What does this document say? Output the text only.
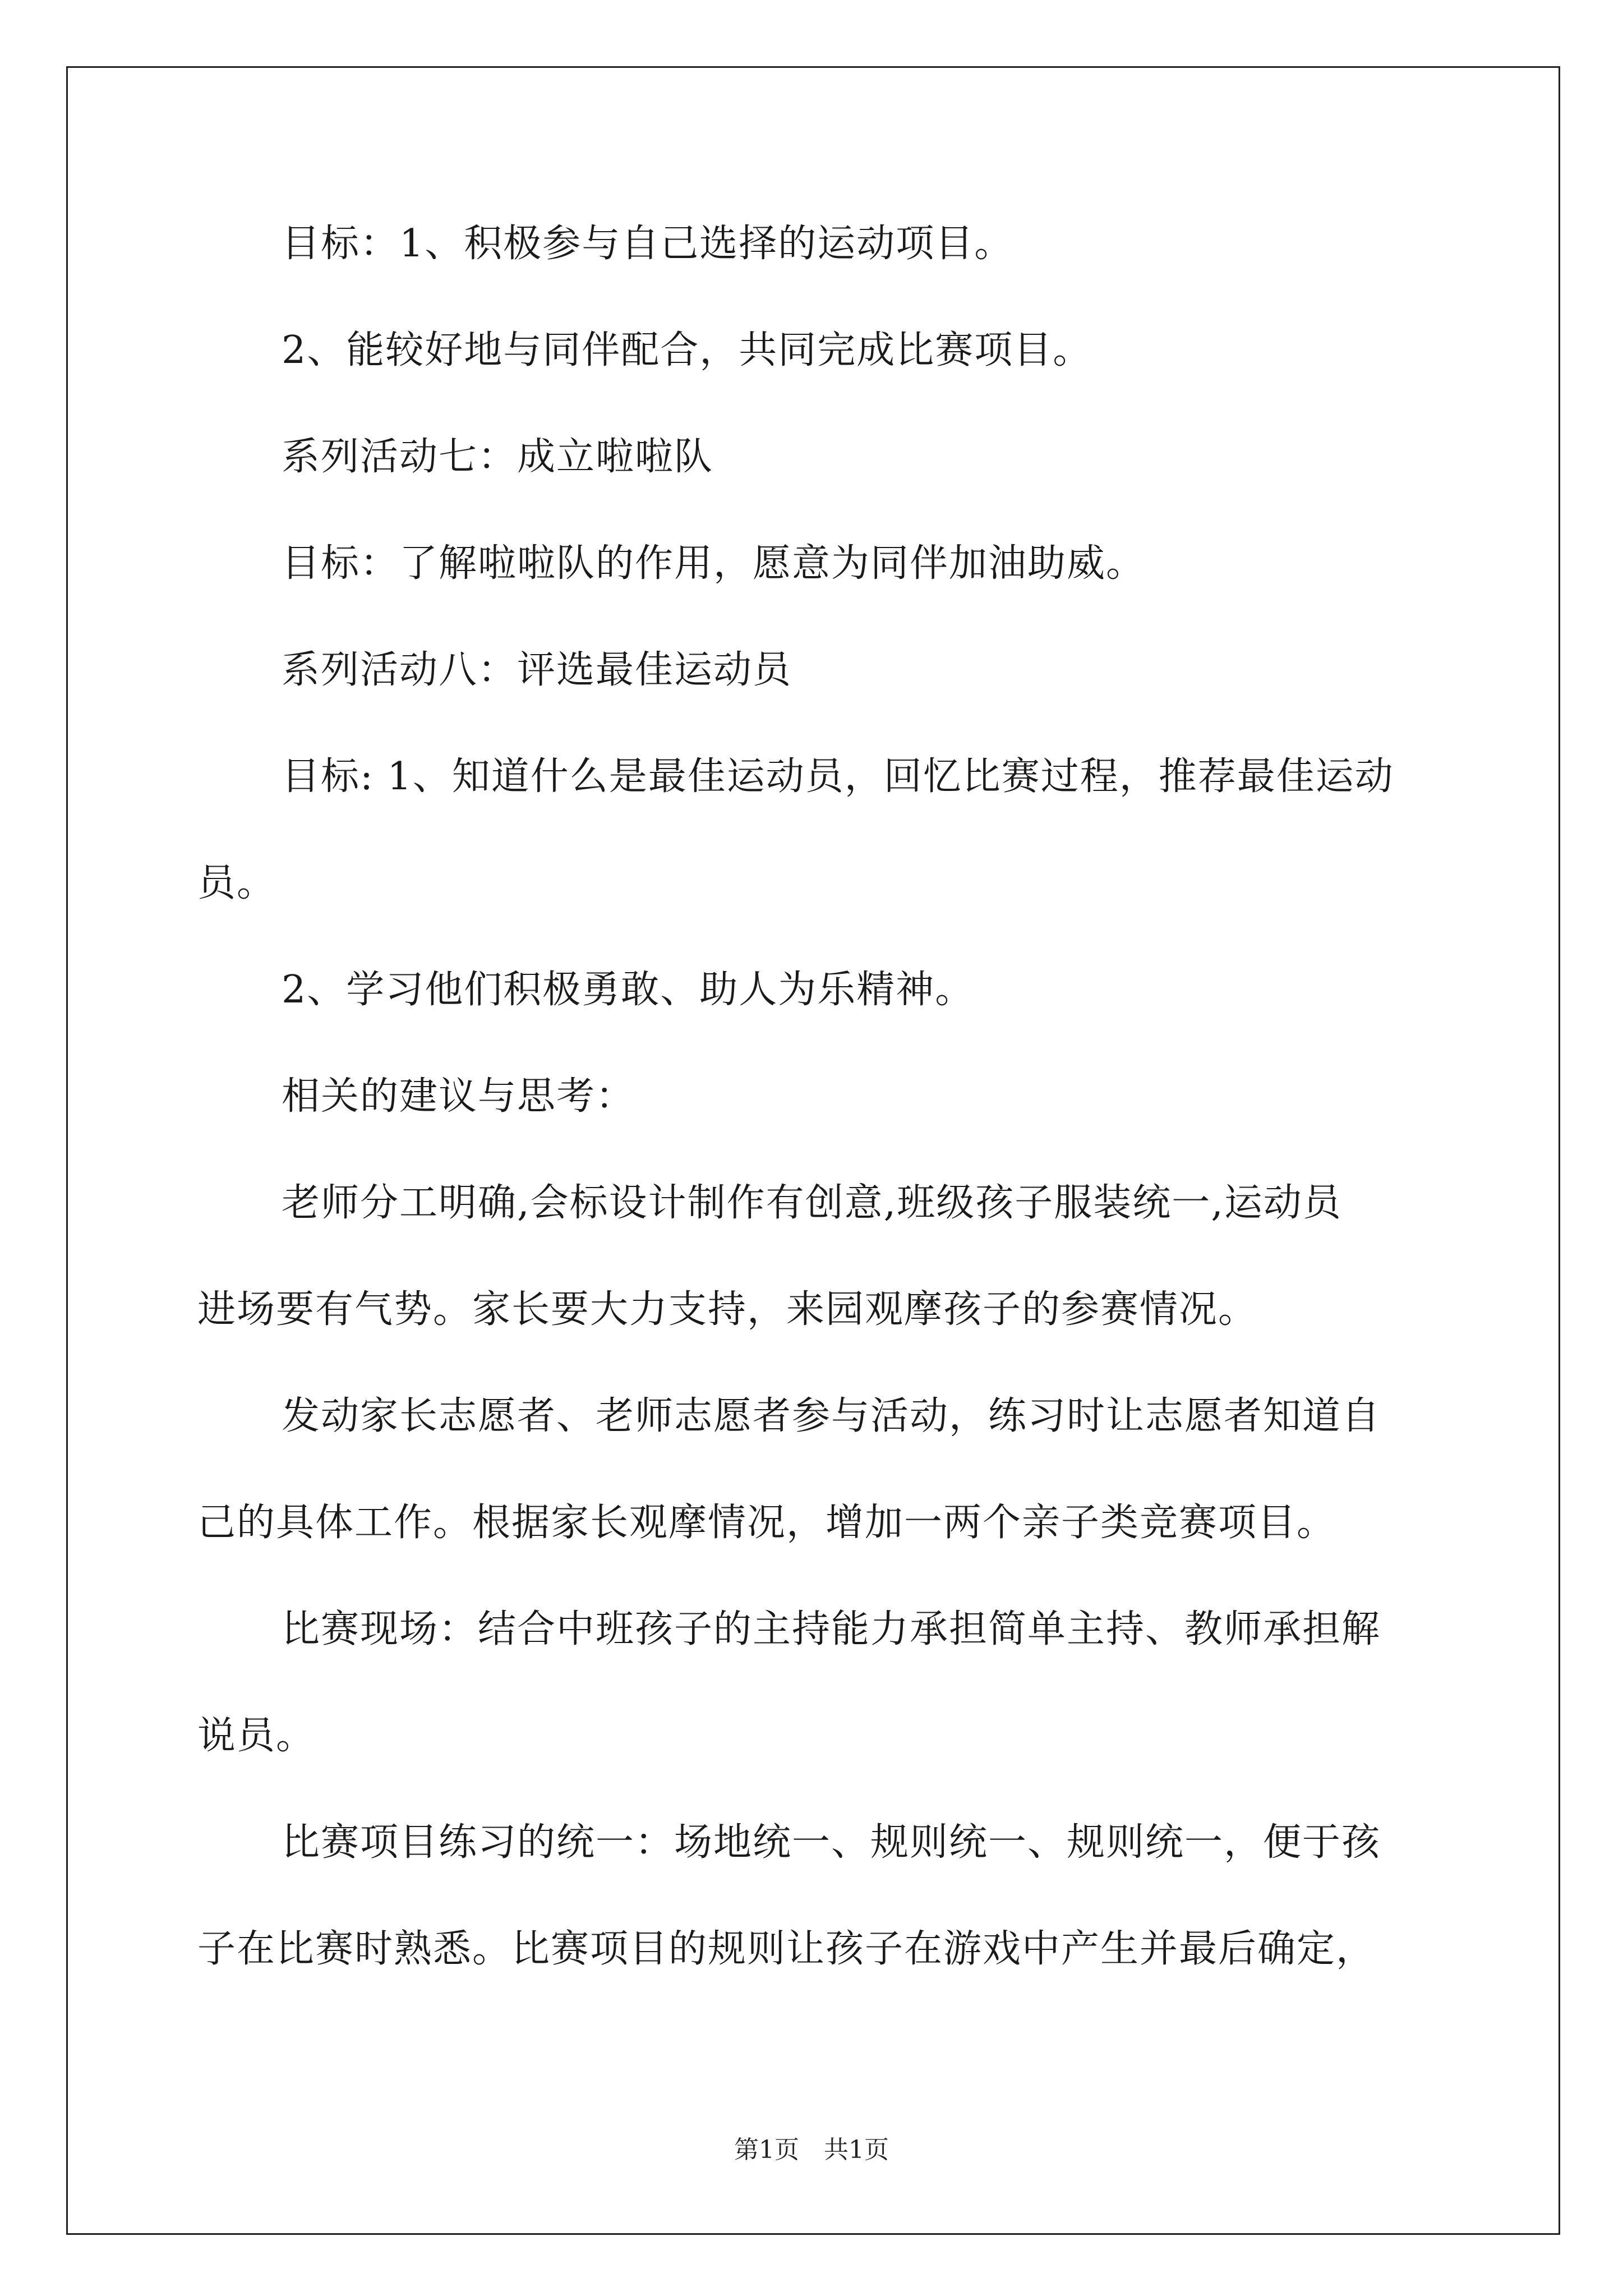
目标：1、积极参与自己选择的运动项目。
2、能较好地与同伴配合，共同完成比赛项目。
系列活动七：成立啦啦队
目标：了解啦啦队的作用，愿意为同伴加油助威。
系列活动八：评选最佳运动员
目标: 1、知道什么是最佳运动员，回忆比赛过程，推荐最佳运动
员。
2、学习他们积极勇敢、助人为乐精神。
相关的建议与思考：
老师分工明确,会标设计制作有创意,班级孩子服装统一,运动员
进场要有气势。家长要大力支持，来园观摩孩子的参赛情况。
发动家长志愿者、老师志愿者参与活动，练习时让志愿者知道自
己的具体工作。根据家长观摩情况，增加一两个亲子类竞赛项目。
比赛现场：结合中班孩子的主持能力承担简单主持、教师承担解
说员。
比赛项目练习的统一：场地统一、规则统一、规则统一，便于孩
子在比赛时熟悉。比赛项目的规则让孩子在游戏中产生并最后确定，
第1页　共1页
